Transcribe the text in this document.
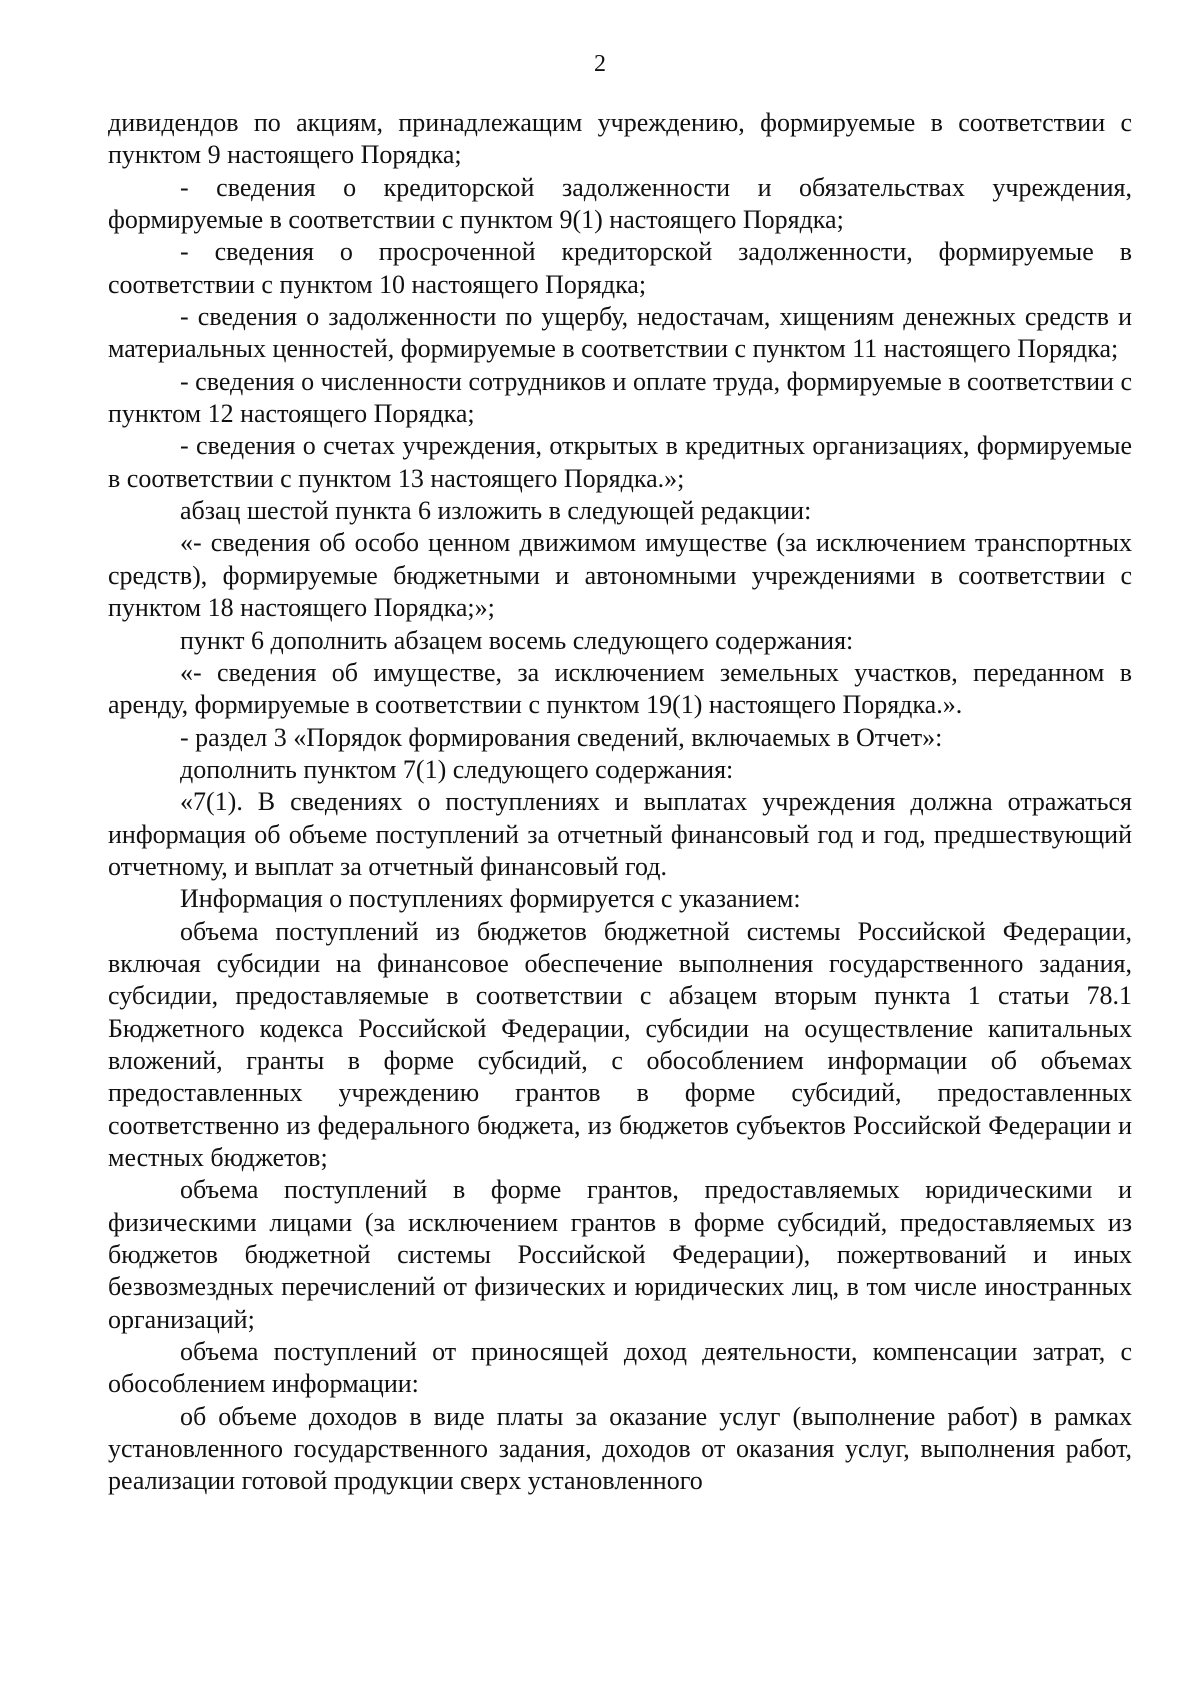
2

дивидендов по акциям, принадлежащим учреждению, формируемые в соответствии с пунктом 9 настоящего Порядка;

- сведения о кредиторской задолженности и обязательствах учреждения, формируемые в соответствии с пунктом 9(1) настоящего Порядка;

- сведения о просроченной кредиторской задолженности, формируемые в соответствии с пунктом 10 настоящего Порядка;

- сведения о задолженности по ущербу, недостачам, хищениям денежных средств и материальных ценностей, формируемые в соответствии с пунктом 11 настоящего Порядка;

- сведения о численности сотрудников и оплате труда, формируемые в соответствии с пунктом 12 настоящего Порядка;

- сведения о счетах учреждения, открытых в кредитных организациях, формируемые в соответствии с пунктом 13 настоящего Порядка.»;

абзац шестой пункта 6 изложить в следующей редакции:

«- сведения об особо ценном движимом имуществе (за исключением транспортных средств), формируемые бюджетными и автономными учреждениями в соответствии с пунктом 18 настоящего Порядка;»;

пункт 6 дополнить абзацем восемь следующего содержания:

«- сведения об имуществе, за исключением земельных участков, переданном в аренду, формируемые в соответствии с пунктом 19(1) настоящего Порядка.».

- раздел 3 «Порядок формирования сведений, включаемых в Отчет»:

дополнить пунктом 7(1) следующего содержания:

«7(1). В сведениях о поступлениях и выплатах учреждения должна отражаться информация об объеме поступлений за отчетный финансовый год и год, предшествующий отчетному, и выплат за отчетный финансовый год.

Информация о поступлениях формируется с указанием:

объема поступлений из бюджетов бюджетной системы Российской Федерации, включая субсидии на финансовое обеспечение выполнения государственного задания, субсидии, предоставляемые в соответствии с абзацем вторым пункта 1 статьи 78.1 Бюджетного кодекса Российской Федерации, субсидии на осуществление капитальных вложений, гранты в форме субсидий, с обособлением информации об объемах предоставленных учреждению грантов в форме субсидий, предоставленных соответственно из федерального бюджета, из бюджетов субъектов Российской Федерации и местных бюджетов;

объема поступлений в форме грантов, предоставляемых юридическими и физическими лицами (за исключением грантов в форме субсидий, предоставляемых из бюджетов бюджетной системы Российской Федерации), пожертвований и иных безвозмездных перечислений от физических и юридических лиц, в том числе иностранных организаций;

объема поступлений от приносящей доход деятельности, компенсации затрат, с обособлением информации:

об объеме доходов в виде платы за оказание услуг (выполнение работ) в рамках установленного государственного задания, доходов от оказания услуг, выполнения работ, реализации готовой продукции сверх установленного
